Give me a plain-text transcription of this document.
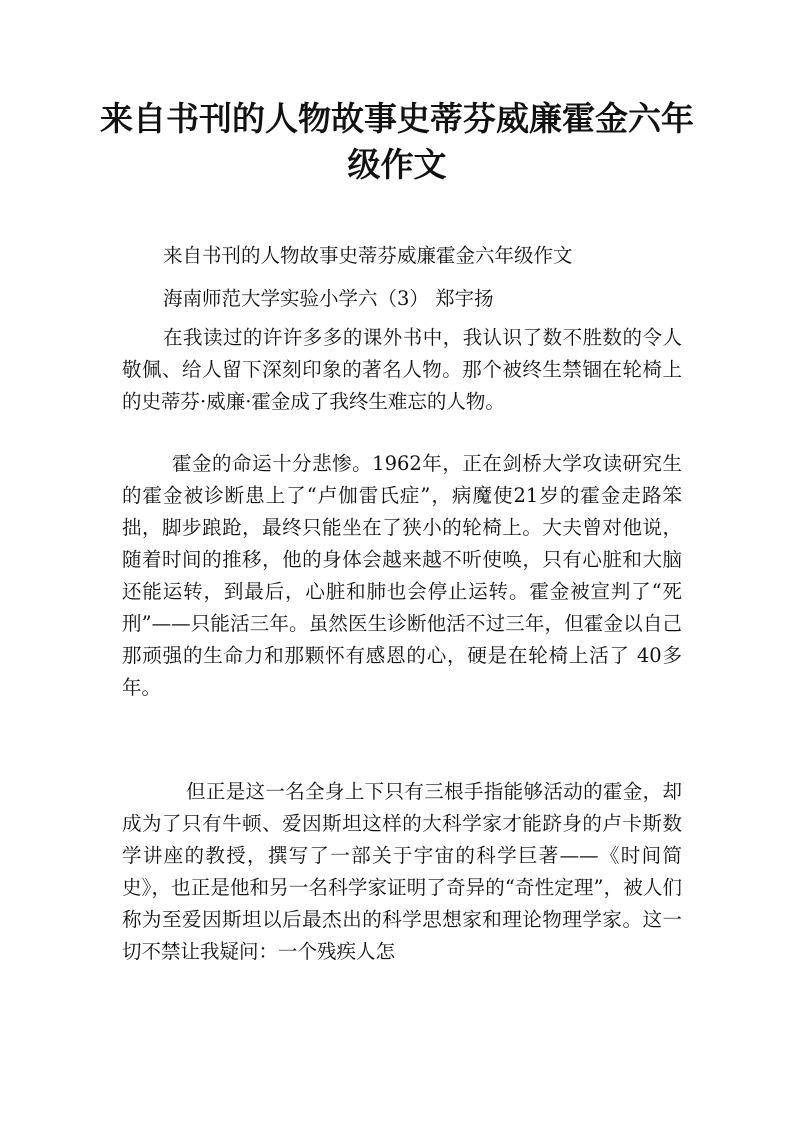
来自书刊的人物故事史蒂芬威廉霍金六年级作文
来自书刊的人物故事史蒂芬威廉霍金六年级作文
海南师范大学实验小学六（3） 郑宇扬
在我读过的许许多多的课外书中，我认识了数不胜数的令人敬佩、给人留下深刻印象的著名人物。那个被终生禁锢在轮椅上的史蒂芬·威廉·霍金成了我终生难忘的人物。
霍金的命运十分悲惨。1962年，正在剑桥大学攻读研究生的霍金被诊断患上了“卢伽雷氏症”，病魔使21岁的霍金走路笨拙，脚步踉跄，最终只能坐在了狭小的轮椅上。大夫曾对他说，随着时间的推移，他的身体会越来越不听使唤，只有心脏和大脑还能运转，到最后，心脏和肺也会停止运转。霍金被宣判了“死刑”——只能活三年。虽然医生诊断他活不过三年，但霍金以自己那顽强的生命力和那颗怀有感恩的心，硬是在轮椅上活了 40多年。
但正是这一名全身上下只有三根手指能够活动的霍金，却成为了只有牛顿、爱因斯坦这样的大科学家才能跻身的卢卡斯数学讲座的教授，撰写了一部关于宇宙的科学巨著——《时间简史》，也正是他和另一名科学家证明了奇异的“奇性定理”，被人们称为至爱因斯坦以后最杰出的科学思想家和理论物理学家。这一切不禁让我疑问：一个残疾人怎
